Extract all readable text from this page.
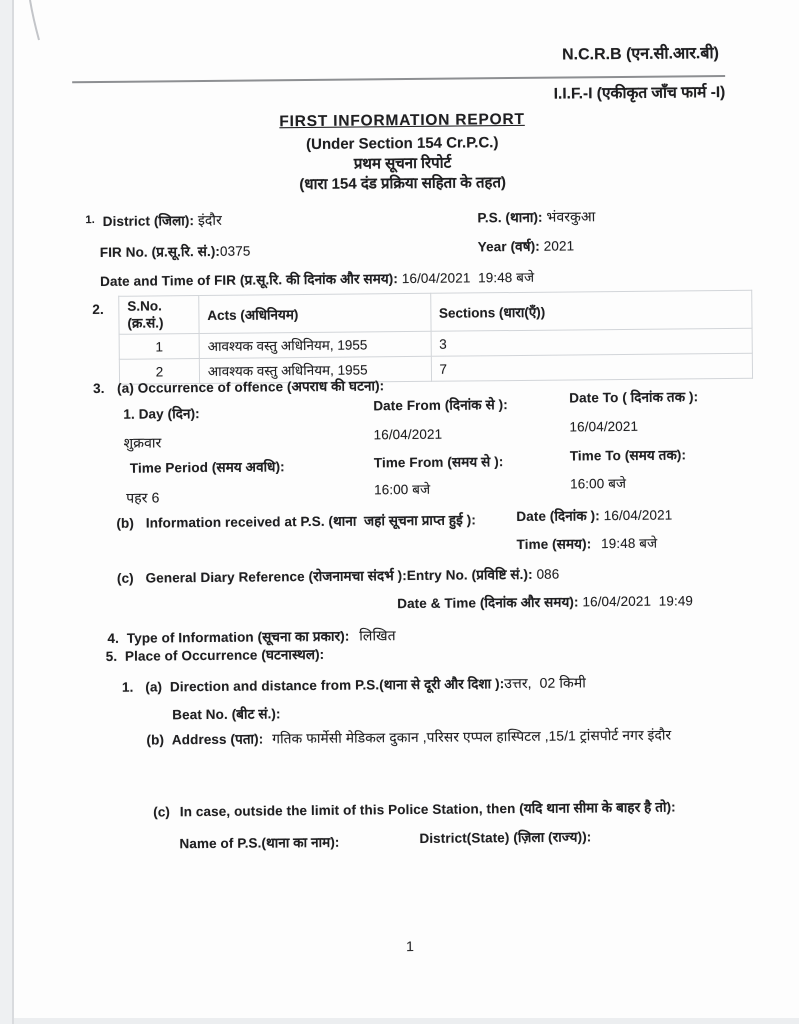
N.C.R.B (एन.सी.आर.बी)
I.I.F.-I (एकीकृत जाँच फार्म -I)
FIRST INFORMATION REPORT
(Under Section 154 Cr.P.C.)
प्रथम सूचना रिपोर्ट
(धारा 154 दंड प्रक्रिया सहिता के तहत)
$^{1.}$ District (जिला): इंदौर	P.S. (थाना): भंवरकुआ
FIR No. (प्र.सू.रि. सं.):0375	Year (वर्ष): 2021
Date and Time of FIR (प्र.सू.रि. की दिनांक और समय): 16/04/2021  19:48 बजे
2. S.No. (क्र.सं.)	Acts (अधिनियम)	Sections (धारा(एँ))
1	आवश्यक वस्तु अधिनियम, 1955	3
2	आवश्यक वस्तु अधिनियम, 1955	7
3. (a) Occurrence of offence (अपराध की घटना):
1. Day (दिन):
शुक्रवार
Time Period (समय अवधि):
पहर 6
Date From (दिनांक से ):
16/04/2021
Time From (समय से ):
16:00 बजे
Date To ( दिनांक तक ):
16/04/2021
Time To (समय तक):
16:00 बजे
(b) Information received at P.S. (थाना  जहां सूचना प्राप्त हुई ):	Date (दिनांक ): 16/04/2021
Time (समय): 19:48 बजे
(c) General Diary Reference (रोजनामचा संदर्भ ):Entry No. (प्रविष्टि सं.): 086
Date & Time (दिनांक और समय): 16/04/2021  19:49
4. Type of Information (सूचना का प्रकार): लिखित
5. Place of Occurrence (घटनास्थल):
1. (a) Direction and distance from P.S.(थाना से दूरी और दिशा ):उत्तर,  02 किमी
Beat No. (बीट सं.):
(b) Address (पता): गतिक फार्मेसी मेडिकल दुकान ,परिसर एप्पल हास्पिटल ,15/1 ट्रांसपोर्ट नगर इंदौर
(c) In case, outside the limit of this Police Station, then (यदि थाना सीमा के बाहर है तो):
Name of P.S.(थाना का नाम):	District(State) (ज़िला (राज्य)):
1
